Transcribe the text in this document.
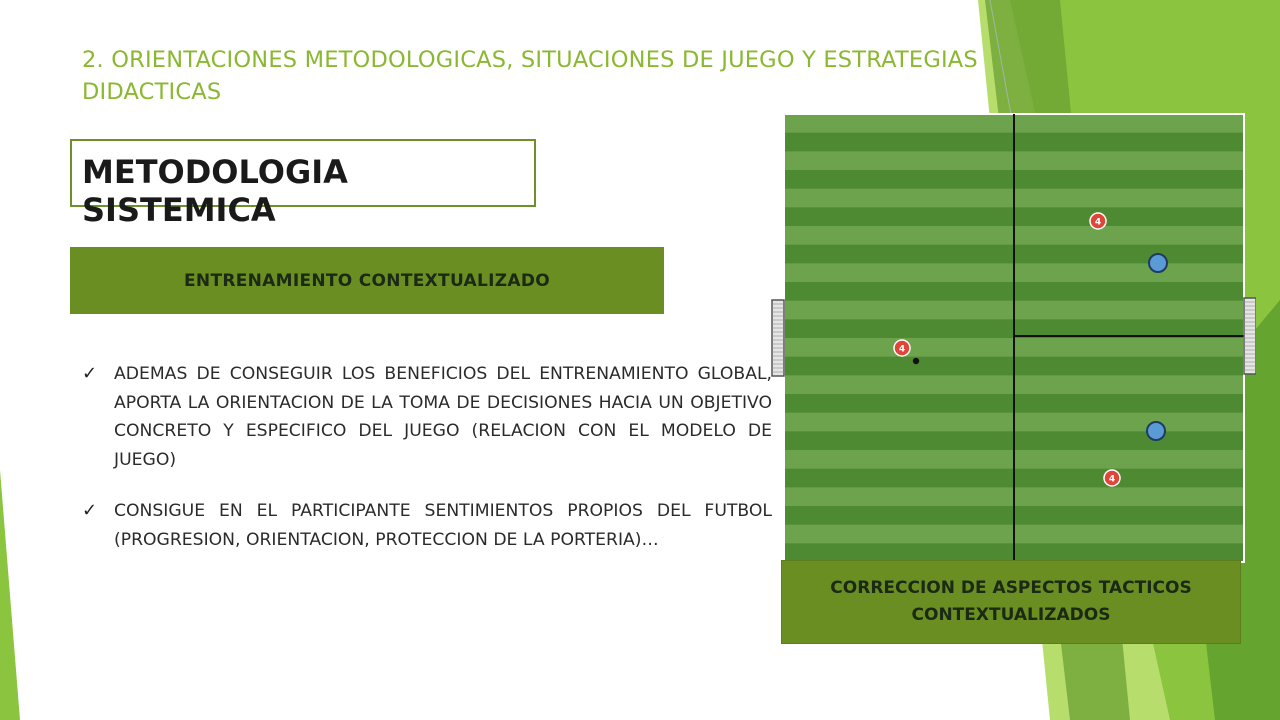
2. ORIENTACIONES METODOLOGICAS, SITUACIONES DE JUEGO Y ESTRATEGIAS DIDACTICAS
METODOLOGIA SISTEMICA
ENTRENAMIENTO CONTEXTUALIZADO
✓ ADEMAS DE CONSEGUIR LOS BENEFICIOS DEL ENTRENAMIENTO GLOBAL, APORTA LA ORIENTACION DE LA TOMA DE DECISIONES HACIA UN OBJETIVO CONCRETO Y ESPECIFICO DEL JUEGO (RELACION CON EL MODELO DE JUEGO)
✓ CONSIGUE EN EL PARTICIPANTE SENTIMIENTOS PROPIOS DEL FUTBOL (PROGRESION, ORIENTACION, PROTECCION DE LA PORTERIA)…
4
4
4
CORRECCION DE ASPECTOS TACTICOS CONTEXTUALIZADOS
